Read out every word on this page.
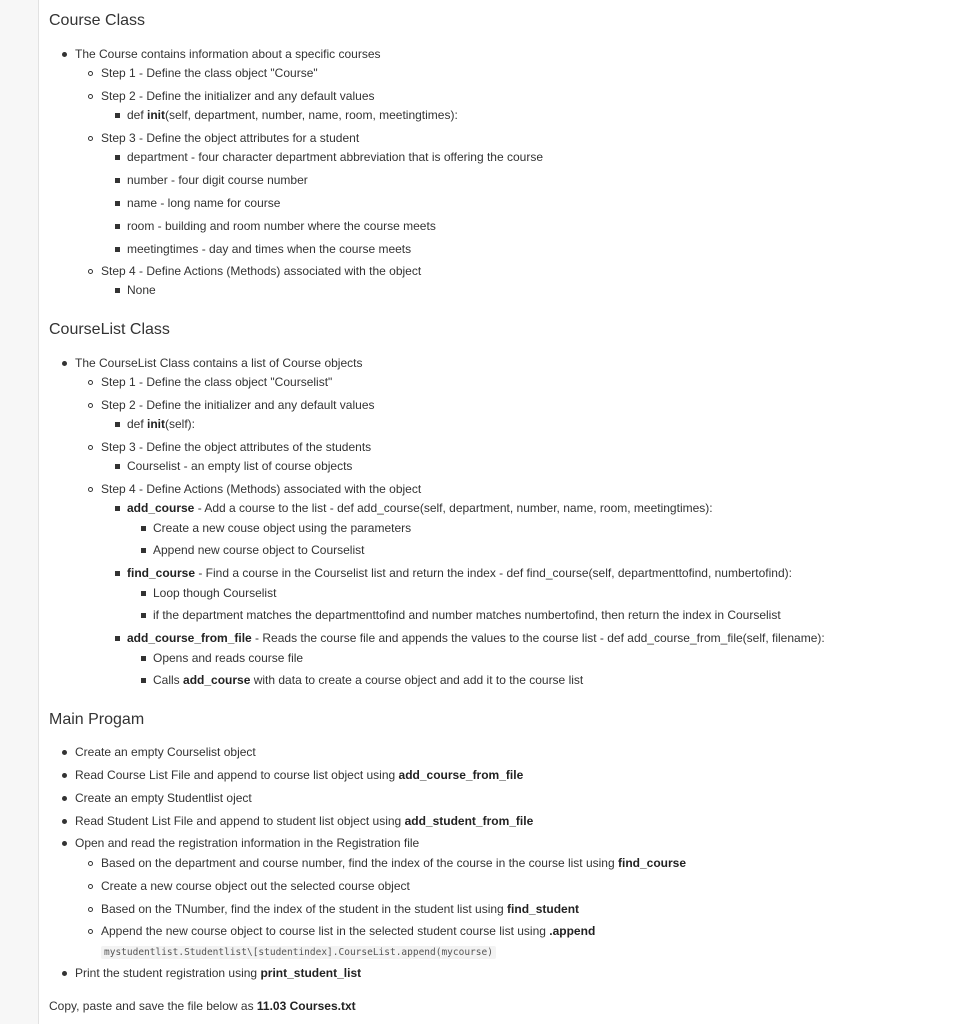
Course Class
The Course contains information about a specific courses
Step 1 - Define the class object "Course"
Step 2 - Define the initializer and any default values
def init(self, department, number, name, room, meetingtimes):
Step 3 - Define the object attributes for a student
department - four character department abbreviation that is offering the course
number - four digit course number
name - long name for course
room - building and room number where the course meets
meetingtimes - day and times when the course meets
Step 4 - Define Actions (Methods) associated with the object
None
CourseList Class
The CourseList Class contains a list of Course objects
Step 1 - Define the class object "Courselist"
Step 2 - Define the initializer and any default values
def init(self):
Step 3 - Define the object attributes of the students
Courselist - an empty list of course objects
Step 4 - Define Actions (Methods) associated with the object
add_course - Add a course to the list - def add_course(self, department, number, name, room, meetingtimes):
Create a new couse object using the parameters
Append new course object to Courselist
find_course - Find a course in the Courselist list and return the index - def find_course(self, departmenttofind, numbertofind):
Loop though Courselist
if the department matches the departmenttofind and number matches numbertofind, then return the index in Courselist
add_course_from_file - Reads the course file and appends the values to the course list - def add_course_from_file(self, filename):
Opens and reads course file
Calls add_course with data to create a course object and add it to the course list
Main Progam
Create an empty Courselist object
Read Course List File and append to course list object using add_course_from_file
Create an empty Studentlist oject
Read Student List File and append to student list object using add_student_from_file
Open and read the registration information in the Registration file
Based on the department and course number, find the index of the course in the course list using find_course
Create a new course object out the selected course object
Based on the TNumber, find the index of the student in the student list using find_student
Append the new course object to course list in the selected student course list using .append
mystudentlist.Studentlist\[studentindex].CourseList.append(mycourse)
Print the student registration using print_student_list
Copy, paste and save the file below as 11.03 Courses.txt
